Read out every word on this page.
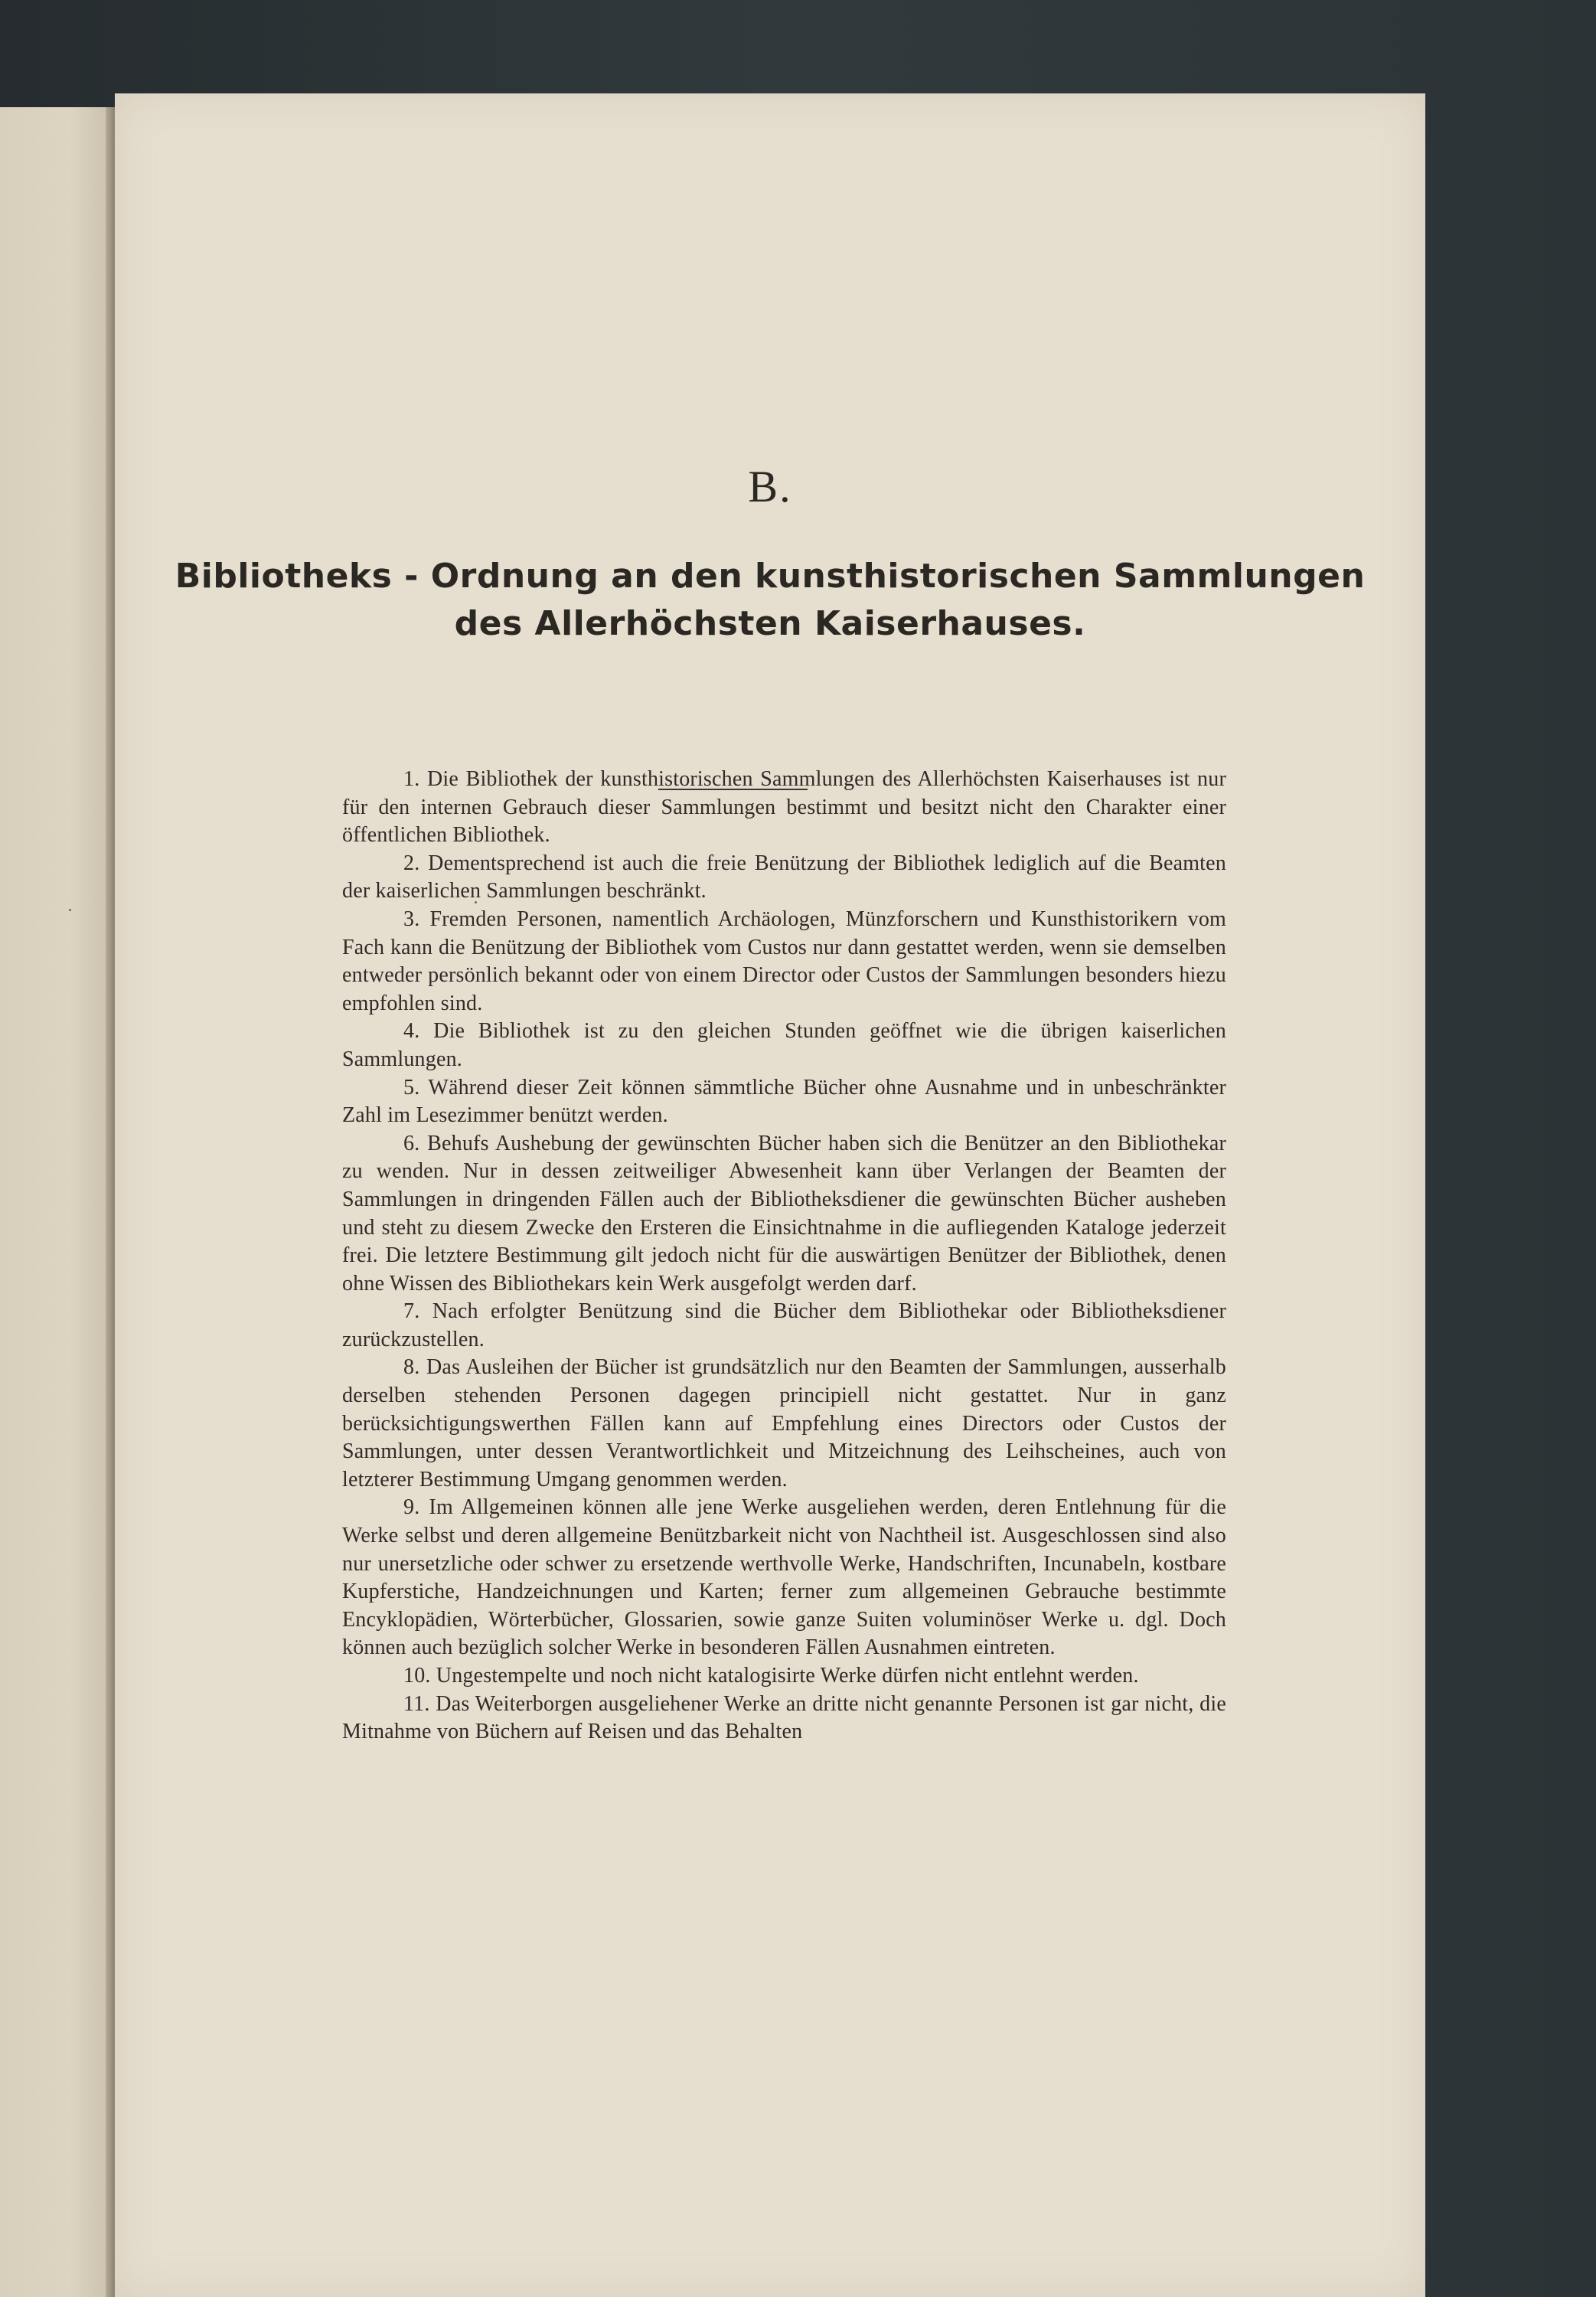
B.
Bibliotheks - Ordnung an den kunsthistorischen Sammlungen
des Allerhöchsten Kaiserhauses.

1. Die Bibliothek der kunsthistorischen Sammlungen des Allerhöchsten Kaiserhauses ist nur für den internen Gebrauch dieser Sammlungen bestimmt und besitzt nicht den Charakter einer öffentlichen Bibliothek.

2. Dementsprechend ist auch die freie Benützung der Bibliothek lediglich auf die Beamten der kaiserlichen Sammlungen beschränkt.

3. Fremden Personen, namentlich Archäologen, Münzforschern und Kunsthistorikern vom Fach kann die Benützung der Bibliothek vom Custos nur dann gestattet werden, wenn sie demselben entweder persönlich bekannt oder von einem Director oder Custos der Sammlungen besonders hiezu empfohlen sind.

4. Die Bibliothek ist zu den gleichen Stunden geöffnet wie die übrigen kaiserlichen Sammlungen.

5. Während dieser Zeit können sämmtliche Bücher ohne Ausnahme und in unbeschränkter Zahl im Lesezimmer benützt werden.

6. Behufs Aushebung der gewünschten Bücher haben sich die Benützer an den Bibliothekar zu wenden. Nur in dessen zeitweiliger Abwesenheit kann über Verlangen der Beamten der Sammlungen in dringenden Fällen auch der Bibliotheksdiener die gewünschten Bücher ausheben und steht zu diesem Zwecke den Ersteren die Einsichtnahme in die aufliegenden Kataloge jederzeit frei. Die letztere Bestimmung gilt jedoch nicht für die auswärtigen Benützer der Bibliothek, denen ohne Wissen des Bibliothekars kein Werk ausgefolgt werden darf.

7. Nach erfolgter Benützung sind die Bücher dem Bibliothekar oder Bibliotheksdiener zurückzustellen.

8. Das Ausleihen der Bücher ist grundsätzlich nur den Beamten der Sammlungen, ausserhalb derselben stehenden Personen dagegen principiell nicht gestattet. Nur in ganz berücksichtigungswerthen Fällen kann auf Empfehlung eines Directors oder Custos der Sammlungen, unter dessen Verantwortlichkeit und Mitzeichnung des Leihscheines, auch von letzterer Bestimmung Umgang genommen werden.

9. Im Allgemeinen können alle jene Werke ausgeliehen werden, deren Entlehnung für die Werke selbst und deren allgemeine Benützbarkeit nicht von Nachtheil ist. Ausgeschlossen sind also nur unersetzliche oder schwer zu ersetzende werthvolle Werke, Handschriften, Incunabeln, kostbare Kupferstiche, Handzeichnungen und Karten; ferner zum allgemeinen Gebrauche bestimmte Encyklopädien, Wörterbücher, Glossarien, sowie ganze Suiten voluminöser Werke u. dgl. Doch können auch bezüglich solcher Werke in besonderen Fällen Ausnahmen eintreten.

10. Ungestempelte und noch nicht katalogisirte Werke dürfen nicht entlehnt werden.

11. Das Weiterborgen ausgeliehener Werke an dritte nicht genannte Personen ist gar nicht, die Mitnahme von Büchern auf Reisen und das Behalten
